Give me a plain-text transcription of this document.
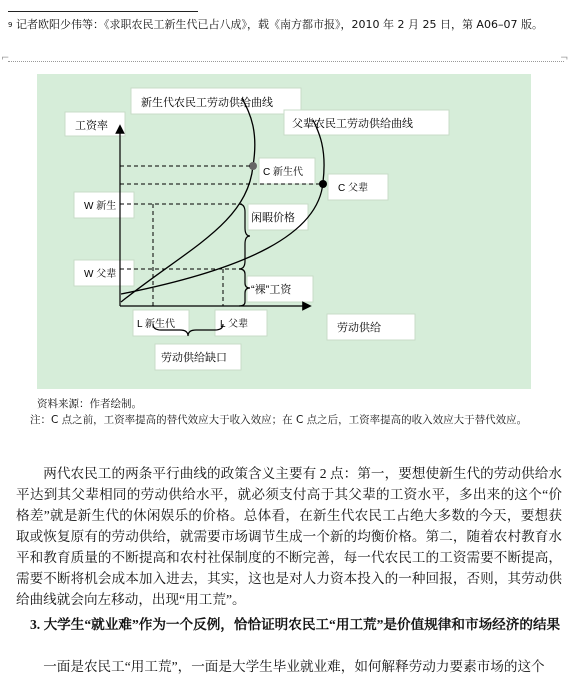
$^9$ 记者欧阳少伟等：《求职农民工新生代已占八成》，载《南方都市报》，2010 年 2 月 25 日，第 A06–07 版。
⌐	¬
新生代农民工劳动供给曲线
父辈农民工劳动供给曲线
工资率
C 新生代
C 父辈
W 新生
闲暇价格
W 父辈
“裸”工资
L 新生代	L 父辈	劳动供给
劳动供给缺口
资料来源：作者绘制。
注：C 点之前，工资率提高的替代效应大于收入效应；在 C 点之后，工资率提高的收入效应大于替代效应。
两代农民工的两条平行曲线的政策含义主要有 2 点：第一，要想使新生代的劳动供给水平达到其父辈相同的劳动供给水平，就必须支付高于其父辈的工资水平，多出来的这个“价格差”就是新生代的休闲娱乐的价格。总体看，在新生代农民工占绝大多数的今天，要想获取或恢复原有的劳动供给，就需要市场调节生成一个新的均衡价格。第二，随着农村教育水平和教育质量的不断提高和农村社保制度的不断完善，每一代农民工的工资需要不断提高，需要不断将机会成本加入进去，其实，这也是对人力资本投入的一种回报，否则，其劳动供给曲线就会向左移动，出现“用工荒”。
3. 大学生“就业难”作为一个反例，恰恰证明农民工“用工荒”是价值规律和市场经济的结果
一面是农民工“用工荒”，一面是大学生毕业就业难，如何解释劳动力要素市场的这个
